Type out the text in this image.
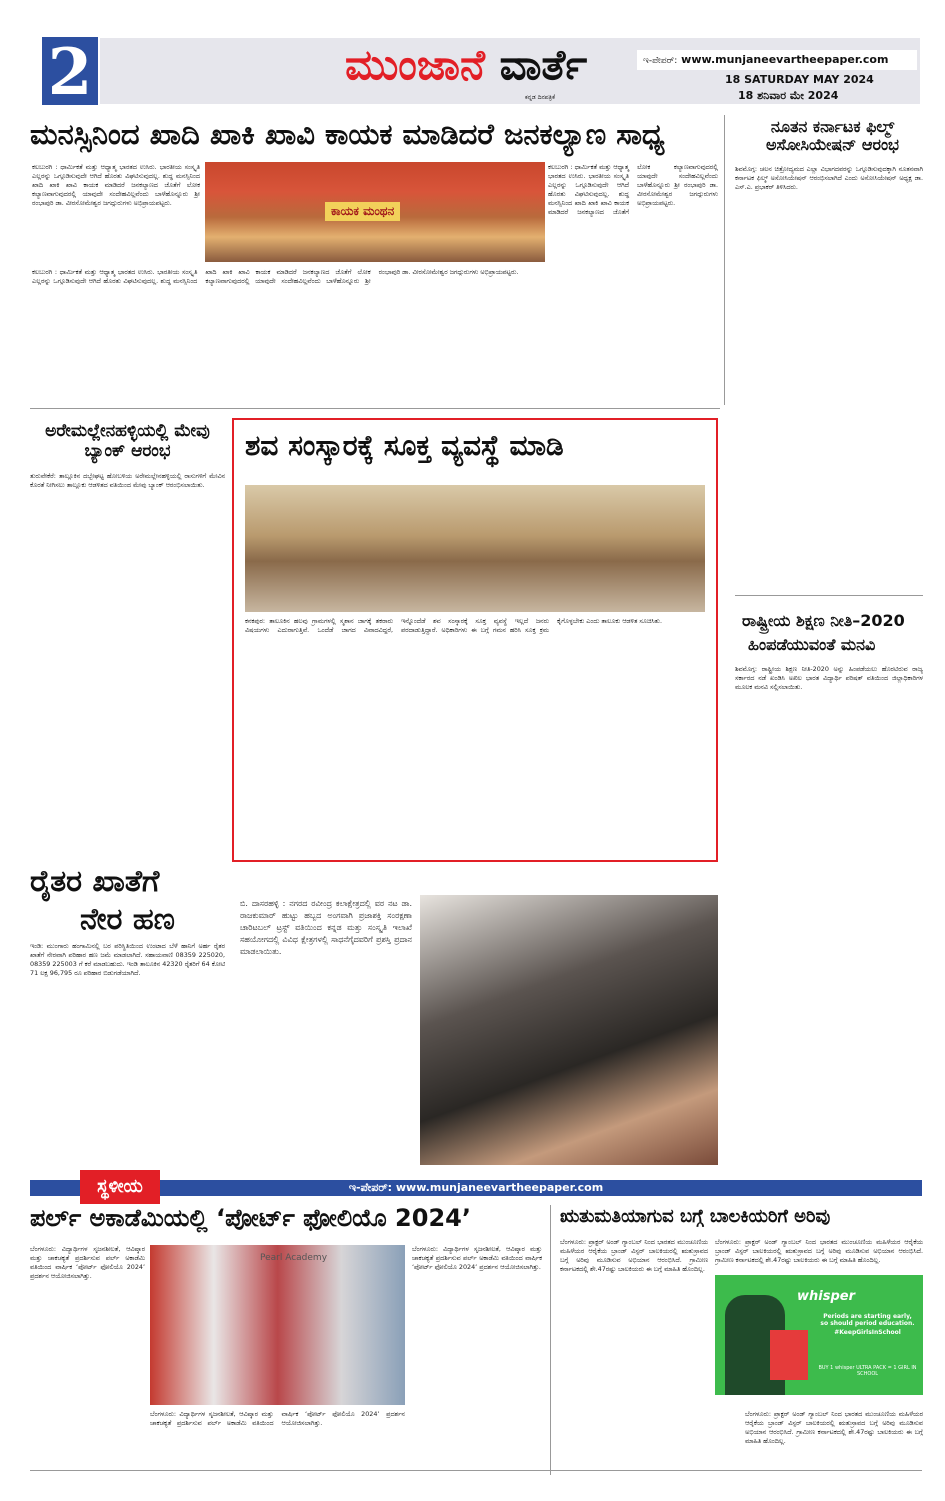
2	ಮುಂಜಾನೆ ವಾರ್ತೆ
ಕನ್ನಡ ದಿನಪತ್ರಿಕೆ
ಇ-ಪೇಪರ್: www.munjaneevartheepaper.com
18 SATURDAY MAY 2024
18 ಶನಿವಾರ ಮೇ 2024
ಮನಸ್ಸಿನಿಂದ ಖಾದಿ ಖಾಕಿ ಖಾವಿ ಕಾಯಕ ಮಾಡಿದರೆ ಜನಕಲ್ಯಾಣ ಸಾಧ್ಯ
ಕಲಬುರಗಿ : ಧಾರ್ಮಿಕತೆ ಮತ್ತು ಆಧ್ಯಾತ್ಮ ಭಾರತದ ಉಸಿರು. ಭಾರತೀಯ ಸಂಸ್ಕೃತಿ ಎಲ್ಲರನ್ನು ಒಗ್ಗೂಡಿಸುವುದೇ ಆಗಿದೆ ಹೊರತು ವಿಘಟಿಸುವುದಲ್ಲ. ಶುದ್ಧ ಮನಸ್ಸಿನಿಂದ ಖಾದಿ ಖಾಕಿ ಖಾವಿ ಕಾಯಕ ಮಾಡಿದರೆ ಜನಕಲ್ಯಾಣದ ಜೊತೆಗೆ ಲೋಕ ಕಲ್ಯಾಣವಾಗುವುದರಲ್ಲಿ ಯಾವುದೇ ಸಂದೇಹವಿಲ್ಲವೆಂದು ಬಾಳೆಹೊನ್ನೂರು ಶ್ರೀ ರಂಭಾಪುರಿ ಡಾ. ವೀರಸೋಮೇಶ್ವರ ಜಗದ್ಗುರುಗಳು ಅಭಿಪ್ರಾಯಪಟ್ಟರು.
ಕಾಯಕ ಮಂಥನ
ಕಲಬುರಗಿ : ಧಾರ್ಮಿಕತೆ ಮತ್ತು ಆಧ್ಯಾತ್ಮ ಭಾರತದ ಉಸಿರು. ಭಾರತೀಯ ಸಂಸ್ಕೃತಿ ಎಲ್ಲರನ್ನು ಒಗ್ಗೂಡಿಸುವುದೇ ಆಗಿದೆ ಹೊರತು ವಿಘಟಿಸುವುದಲ್ಲ. ಶುದ್ಧ ಮನಸ್ಸಿನಿಂದ ಖಾದಿ ಖಾಕಿ ಖಾವಿ ಕಾಯಕ ಮಾಡಿದರೆ ಜನಕಲ್ಯಾಣದ ಜೊತೆಗೆ ಲೋಕ ಕಲ್ಯಾಣವಾಗುವುದರಲ್ಲಿ ಯಾವುದೇ ಸಂದೇಹವಿಲ್ಲವೆಂದು ಬಾಳೆಹೊನ್ನೂರು ಶ್ರೀ ರಂಭಾಪುರಿ ಡಾ. ವೀರಸೋಮೇಶ್ವರ ಜಗದ್ಗುರುಗಳು ಅಭಿಪ್ರಾಯಪಟ್ಟರು.
ಕಲಬುರಗಿ : ಧಾರ್ಮಿಕತೆ ಮತ್ತು ಆಧ್ಯಾತ್ಮ ಭಾರತದ ಉಸಿರು. ಭಾರತೀಯ ಸಂಸ್ಕೃತಿ ಎಲ್ಲರನ್ನು ಒಗ್ಗೂಡಿಸುವುದೇ ಆಗಿದೆ ಹೊರತು ವಿಘಟಿಸುವುದಲ್ಲ. ಶುದ್ಧ ಮನಸ್ಸಿನಿಂದ ಖಾದಿ ಖಾಕಿ ಖಾವಿ ಕಾಯಕ ಮಾಡಿದರೆ ಜನಕಲ್ಯಾಣದ ಜೊತೆಗೆ ಲೋಕ ಕಲ್ಯಾಣವಾಗುವುದರಲ್ಲಿ ಯಾವುದೇ ಸಂದೇಹವಿಲ್ಲವೆಂದು ಬಾಳೆಹೊನ್ನೂರು ಶ್ರೀ ರಂಭಾಪುರಿ ಡಾ. ವೀರಸೋಮೇಶ್ವರ ಜಗದ್ಗುರುಗಳು ಅಭಿಪ್ರಾಯಪಟ್ಟರು.
ನೂತನ ಕರ್ನಾಟಕ ಫಿಲ್ಮ್ ಅಸೋಸಿಯೇಷನ್ ಆರಂಭ
ಶಿವಮೊಗ್ಗ: ಚಲನ ಚಿತ್ರೋದ್ಯಮದ ಎಲ್ಲಾ ವಿಭಾಗದವರನ್ನು ಒಗ್ಗೂಡಿಸುವುದಕ್ಕಾಗಿ ನೂತನವಾಗಿ ಕರ್ನಾಟಕ ಫಿಲ್ಮ್ ಅಸೋಸಿಯೇಷನ್ ಆರಂಭಿಸಲಾಗಿದೆ ಎಂದು ಅಸೋಸಿಯೇಷನ್ ಅಧ್ಯಕ್ಷ ಡಾ. ಎಸ್.ಎ. ಪ್ರಭಾಕರ್ ತಿಳಿಸಿದರು.
ಅರೇಮಲ್ಲೇನಹಳ್ಳಿಯಲ್ಲಿ ಮೇವು ಬ್ಯಾಂಕ್ ಆರಂಭ
ತುರುವೇಕೆರೆ: ತಾಲ್ಲೂಕಿನ ದಬ್ಬೇಘಟ್ಟ ಹೋಬಳಿಯ ಅರೇಮಲ್ಲೇನಹಳ್ಳಿಯಲ್ಲಿ ರಾಸುಗಳಿಗೆ ಮೇವಿನ ಕೊರತೆ ನೀಗಿಸಲು ತಾಲ್ಲೂಕು ಆಡಳಿತದ ವತಿಯಿಂದ ಮೇವು ಬ್ಯಾಂಕ್ ಆರಂಭಿಸಲಾಯಿತು.
ಶವ ಸಂಸ್ಕಾರಕ್ಕೆ ಸೂಕ್ತ ವ್ಯವಸ್ಥೆ ಮಾಡಿ
ಕನಕಪುರ: ತಾಲೂಕಿನ ಹಲವು ಗ್ರಾಮಗಳಲ್ಲಿ ಸ್ಮಶಾನ ಜಾಗಕ್ಕೆ ತಕರಾರು ವಿಷಯಗಳು ಎದುರಾಗುತ್ತಿವೆ. ಒಂದೆಡೆ ಜಾಗದ ವಿವಾದವಿದ್ದರೆ, ಇನ್ನೊಂದೆಡೆ ಶವ ಸಂಸ್ಕಾರಕ್ಕೆ ಸೂಕ್ತ ವ್ಯವಸ್ಥೆ ಇಲ್ಲದೆ ಜನರು ಪರದಾಡುತ್ತಿದ್ದಾರೆ. ಅಧಿಕಾರಿಗಳು ಈ ಬಗ್ಗೆ ಗಮನ ಹರಿಸಿ ಸೂಕ್ತ ಕ್ರಮ ಕೈಗೊಳ್ಳಬೇಕು ಎಂದು ತಾಲೂಕು ಆಡಳಿತ ಸೂಚಿಸಿತು.	ರಾಷ್ಟ್ರೀಯ ಶಿಕ್ಷಣ ನೀತಿ–2020
ಹಿಂಪಡೆಯುವಂತೆ ಮನವಿ
ಶಿವಮೊಗ್ಗ: ರಾಷ್ಟ್ರೀಯ ಶಿಕ್ಷಣ ನೀತಿ-2020 ಅನ್ನು ಹಿಂಪಡೆಯಲು ಹೊರಟಿರುವ ರಾಜ್ಯ ಸರ್ಕಾರದ ನಡೆ ಖಂಡಿಸಿ ಅಖಿಲ ಭಾರತ ವಿದ್ಯಾರ್ಥಿ ಪರಿಷತ್ ವತಿಯಿಂದ ಜಿಲ್ಲಾಧಿಕಾರಿಗಳ ಮೂಲಕ ಮನವಿ ಸಲ್ಲಿಸಲಾಯಿತು.
ರೈತರ ಖಾತೆಗೆ
ನೇರ ಹಣ
ಇಂಡಿ: ಮುಂಗಾರು ಹಂಗಾಮಿನಲ್ಲಿ ಬರ ಪರಿಸ್ಥಿತಿಯಿಂದ ಉಂಟಾದ ಬೆಳೆ ಹಾನಿಗೆ ಅರ್ಹ ರೈತರ ಖಾತೆಗೆ ನೇರವಾಗಿ ಪರಿಹಾರ ಹಣ ಜಮೆ ಮಾಡಲಾಗಿದೆ. ಸಹಾಯವಾಣಿ 08359 225020, 08359 225003 ಗೆ ಕರೆ ಮಾಡಬಹುದು. ಇಂಡಿ ತಾಲೂಕಿನ 42320 ರೈತರಿಗೆ 64 ಕೋಟಿ 71 ಲಕ್ಷ 96,795 ರೂ ಪರಿಹಾರ ಬಿಡುಗಡೆಯಾಗಿದೆ.
ಬಿ. ದಾಸರಹಳ್ಳಿ : ನಗರದ ರವೀಂದ್ರ ಕಲಾಕ್ಷೇತ್ರದಲ್ಲಿ ವರ ನಟ ಡಾ. ರಾಜಕುಮಾರ್ ಹುಟ್ಟು ಹಬ್ಬದ ಅಂಗವಾಗಿ ಪ್ರಜಾಶಕ್ತಿ ಸಂರಕ್ಷಣಾ ಚಾರಿಟಬಲ್ ಟ್ರಸ್ಟ್ ವತಿಯಿಂದ ಕನ್ನಡ ಮತ್ತು ಸಂಸ್ಕೃತಿ ಇಲಾಖೆ ಸಹಯೋಗದಲ್ಲಿ ವಿವಿಧ ಕ್ಷೇತ್ರಗಳಲ್ಲಿ ಸಾಧನೆಗೈದವರಿಗೆ ಪ್ರಶಸ್ತಿ ಪ್ರದಾನ ಮಾಡಲಾಯಿತು.
ಇ-ಪೇಪರ್: www.munjaneevartheepaper.com
ಸ್ಥಳೀಯ
ಪರ್ಲ್ ಅಕಾಡೆಮಿಯಲ್ಲಿ ‘ಪೋರ್ಟ್ ಫೋಲಿಯೊ 2024’
ಬೆಂಗಳೂರು: ವಿದ್ಯಾರ್ಥಿಗಳ ಸೃಜನಶೀಲತೆ, ಆವಿಷ್ಕಾರ ಮತ್ತು ಚಾಕಚಕ್ಯತೆ ಪ್ರದರ್ಶಿಸುವ ಪರ್ಲ್ ಅಕಾಡೆಮಿ ವತಿಯಿಂದ ವಾರ್ಷಿಕ ‘ಪೋರ್ಟ್ ಫೋಲಿಯೊ 2024’ ಪ್ರದರ್ಶನ ಆಯೋಜಿಸಲಾಗಿತ್ತು.
Pearl Academy
ಬೆಂಗಳೂರು: ವಿದ್ಯಾರ್ಥಿಗಳ ಸೃಜನಶೀಲತೆ, ಆವಿಷ್ಕಾರ ಮತ್ತು ಚಾಕಚಕ್ಯತೆ ಪ್ರದರ್ಶಿಸುವ ಪರ್ಲ್ ಅಕಾಡೆಮಿ ವತಿಯಿಂದ ವಾರ್ಷಿಕ ‘ಪೋರ್ಟ್ ಫೋಲಿಯೊ 2024’ ಪ್ರದರ್ಶನ ಆಯೋಜಿಸಲಾಗಿತ್ತು.
ಬೆಂಗಳೂರು: ವಿದ್ಯಾರ್ಥಿಗಳ ಸೃಜನಶೀಲತೆ, ಆವಿಷ್ಕಾರ ಮತ್ತು ಚಾಕಚಕ್ಯತೆ ಪ್ರದರ್ಶಿಸುವ ಪರ್ಲ್ ಅಕಾಡೆಮಿ ವತಿಯಿಂದ ವಾರ್ಷಿಕ ‘ಪೋರ್ಟ್ ಫೋಲಿಯೊ 2024’ ಪ್ರದರ್ಶನ ಆಯೋಜಿಸಲಾಗಿತ್ತು.
ಋತುಮತಿಯಾಗುವ ಬಗ್ಗೆ ಬಾಲಕಿಯರಿಗೆ ಅರಿವು
ಬೆಂಗಳೂರು: ಪ್ರಾಕ್ಟರ್ ಅಂಡ್ ಗ್ಯಾಂಬಲ್ ನಿಂದ ಭಾರತದ ಮುಂಚೂಣಿಯ ಮಹಿಳೆಯರ ಆರೈಕೆಯ ಬ್ರಾಂಡ್ ವಿಸ್ಪರ್ ಬಾಲಕಿಯರಲ್ಲಿ ಋತುಸ್ರಾವದ ಬಗ್ಗೆ ಅರಿವು ಮೂಡಿಸುವ ಅಭಿಯಾನ ಆರಂಭಿಸಿದೆ. ಗ್ರಾಮೀಣ ಕರ್ನಾಟಕದಲ್ಲಿ ಶೇ.47ರಷ್ಟು ಬಾಲಕಿಯರು ಈ ಬಗ್ಗೆ ಮಾಹಿತಿ ಹೊಂದಿಲ್ಲ.
ಬೆಂಗಳೂರು: ಪ್ರಾಕ್ಟರ್ ಅಂಡ್ ಗ್ಯಾಂಬಲ್ ನಿಂದ ಭಾರತದ ಮುಂಚೂಣಿಯ ಮಹಿಳೆಯರ ಆರೈಕೆಯ ಬ್ರಾಂಡ್ ವಿಸ್ಪರ್ ಬಾಲಕಿಯರಲ್ಲಿ ಋತುಸ್ರಾವದ ಬಗ್ಗೆ ಅರಿವು ಮೂಡಿಸುವ ಅಭಿಯಾನ ಆರಂಭಿಸಿದೆ. ಗ್ರಾಮೀಣ ಕರ್ನಾಟಕದಲ್ಲಿ ಶೇ.47ರಷ್ಟು ಬಾಲಕಿಯರು ಈ ಬಗ್ಗೆ ಮಾಹಿತಿ ಹೊಂದಿಲ್ಲ.
whisper
Periods are starting early,
so should period education.
#KeepGirlsInSchool
BUY 1 whisper ULTRA PACK = 1 GIRL IN SCHOOL
ಬೆಂಗಳೂರು: ಪ್ರಾಕ್ಟರ್ ಅಂಡ್ ಗ್ಯಾಂಬಲ್ ನಿಂದ ಭಾರತದ ಮುಂಚೂಣಿಯ ಮಹಿಳೆಯರ ಆರೈಕೆಯ ಬ್ರಾಂಡ್ ವಿಸ್ಪರ್ ಬಾಲಕಿಯರಲ್ಲಿ ಋತುಸ್ರಾವದ ಬಗ್ಗೆ ಅರಿವು ಮೂಡಿಸುವ ಅಭಿಯಾನ ಆರಂಭಿಸಿದೆ. ಗ್ರಾಮೀಣ ಕರ್ನಾಟಕದಲ್ಲಿ ಶೇ.47ರಷ್ಟು ಬಾಲಕಿಯರು ಈ ಬಗ್ಗೆ ಮಾಹಿತಿ ಹೊಂದಿಲ್ಲ.
